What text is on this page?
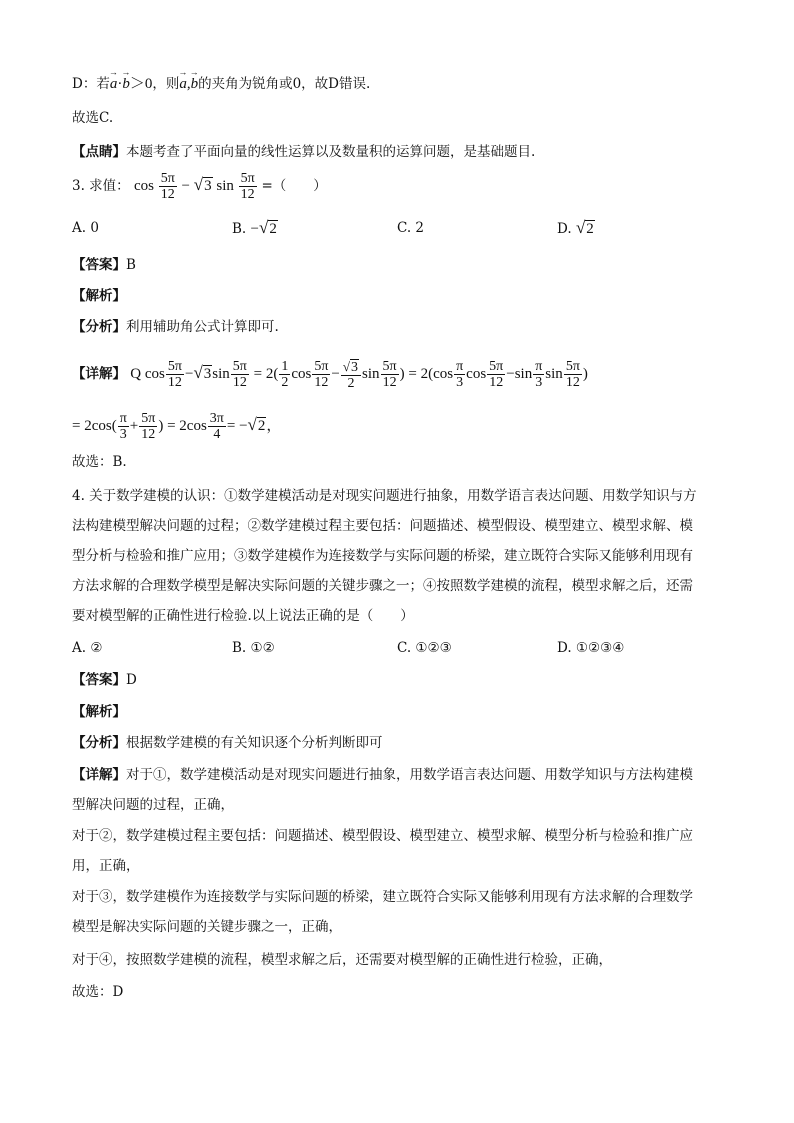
D：若→ a·→ b＞0，则→ a,→ b的夹角为锐角或0，故D错误.
故选C.
【点睛】本题考查了平面向量的线性运算以及数量积的运算问题，是基础题目.
3. 求值： $\cos \frac{5\pi}{12} - √3$ $\sin \frac{5\pi}{12}$ =（　　）
A. 0	B. −√2	C. 2	D. √2
【答案】B
【解析】
【分析】利用辅助角公式计算即可.
【详解】 Q $\cos \frac{5\pi}{12} -√3\sin \frac{5\pi}{12} = 2( \frac{1}{2}$ $\cos \frac{5\pi}{12} - \frac{√3}{2}$ $\sin \frac{5\pi}{12}$ ) = $2(\cos \frac{\pi}{3}$ $\cos \frac{5\pi}{12} -\sin \frac{\pi}{3}$ $\sin \frac{5\pi}{12}$ )
= $2\cos( \frac{\pi}{3} + \frac{5\pi}{12}$ ) = $2\cos \frac{3\pi}{4} = -√2$，
故选：B.
4. 关于数学建模的认识：①数学建模活动是对现实问题进行抽象，用数学语言表达问题、用数学知识与方
法构建模型解决问题的过程；②数学建模过程主要包括：问题描述、模型假设、模型建立、模型求解、模
型分析与检验和推广应用；③数学建模作为连接数学与实际问题的桥梁，建立既符合实际又能够利用现有
方法求解的合理数学模型是解决实际问题的关键步骤之一；④按照数学建模的流程，模型求解之后，还需
要对模型解的正确性进行检验.以上说法正确的是（　　）
A. ②	B. ①②	C. ①②③	D. ①②③④
【答案】D
【解析】
【分析】根据数学建模的有关知识逐个分析判断即可
【详解】对于①，数学建模活动是对现实问题进行抽象，用数学语言表达问题、用数学知识与方法构建模
型解决问题的过程，正确，
对于②，数学建模过程主要包括：问题描述、模型假设、模型建立、模型求解、模型分析与检验和推广应
用，正确，
对于③，数学建模作为连接数学与实际问题的桥梁，建立既符合实际又能够利用现有方法求解的合理数学
模型是解决实际问题的关键步骤之一，正确，
对于④，按照数学建模的流程，模型求解之后，还需要对模型解的正确性进行检验，正确，
故选：D
